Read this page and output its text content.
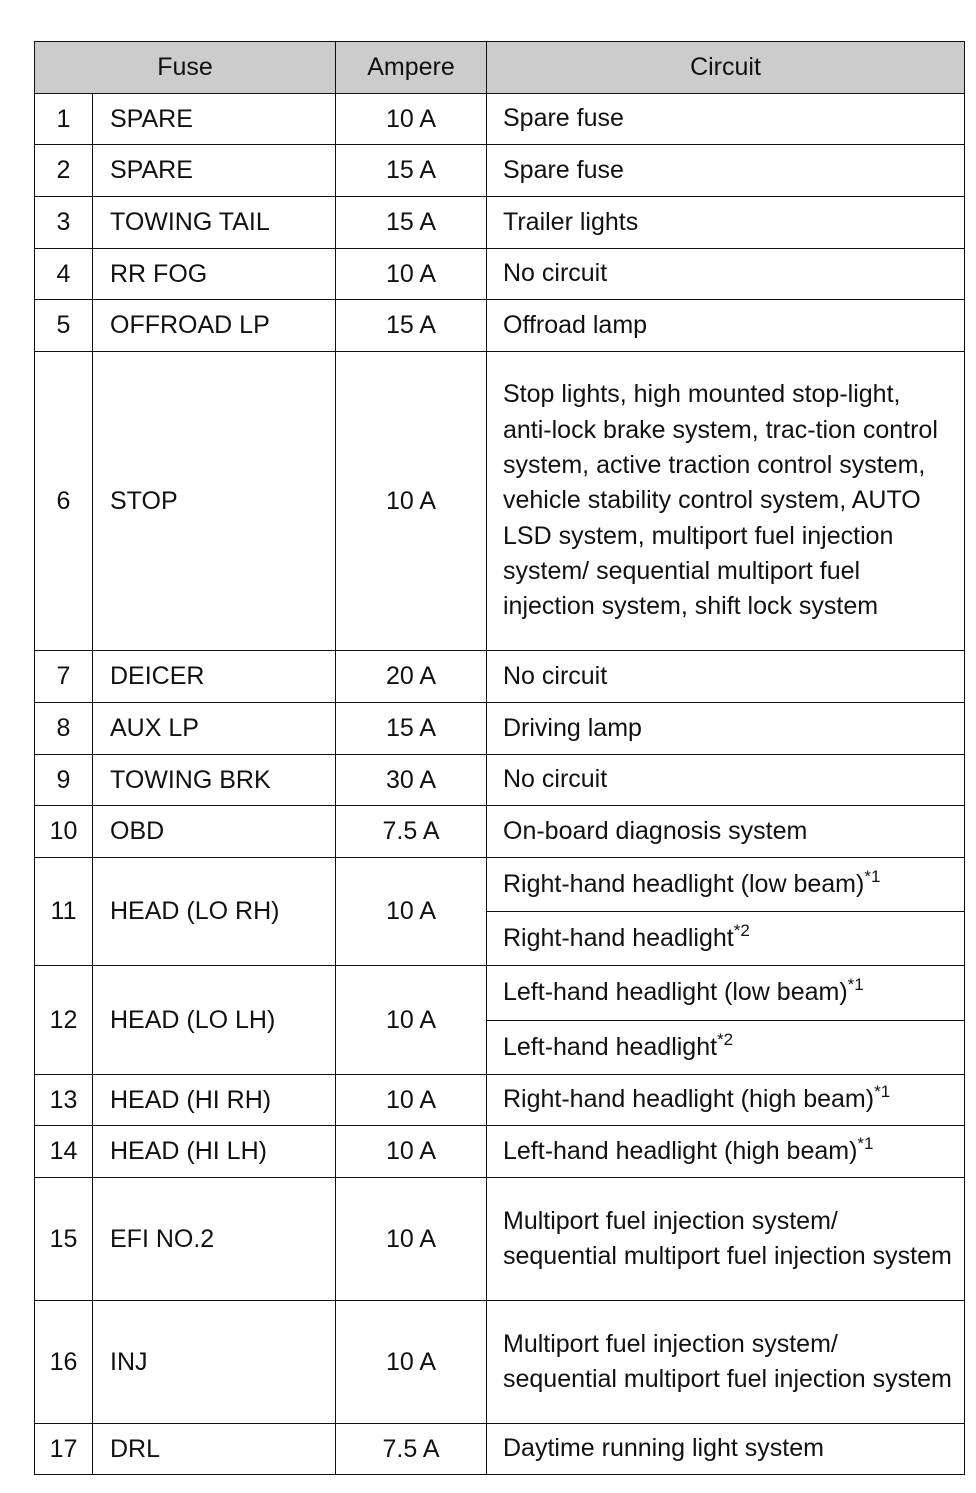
Fuse		Ampere	Circuit
1	SPARE	10 A	Spare fuse
2	SPARE	15 A	Spare fuse
3	TOWING TAIL	15 A	Trailer lights
4	RR FOG	10 A	No circuit
5	OFFROAD LP	15 A	Offroad lamp
6	STOP	10 A	Stop lights, high mounted stop-light, anti-lock brake system, trac-tion control system, active traction control system, vehicle stability control system, AUTO LSD system, multiport fuel injection system/ sequential multiport fuel injection system, shift lock system
7	DEICER	20 A	No circuit
8	AUX LP	15 A	Driving lamp
9	TOWING BRK	30 A	No circuit
10	OBD	7.5 A	On-board diagnosis system
11	HEAD (LO RH)	10 A	Right-hand headlight (low beam)$^{*1}$
			Right-hand headlight$^{*2}$
12	HEAD (LO LH)	10 A	Left-hand headlight (low beam)$^{*1}$
			Left-hand headlight$^{*2}$
13	HEAD (HI RH)	10 A	Right-hand headlight (high beam)$^{*1}$
14	HEAD (HI LH)	10 A	Left-hand headlight (high beam)$^{*1}$
15	EFI NO.2	10 A	Multiport fuel injection system/ sequential multiport fuel injection system
16	INJ	10 A	Multiport fuel injection system/ sequential multiport fuel injection system
17	DRL	7.5 A	Daytime running light system
